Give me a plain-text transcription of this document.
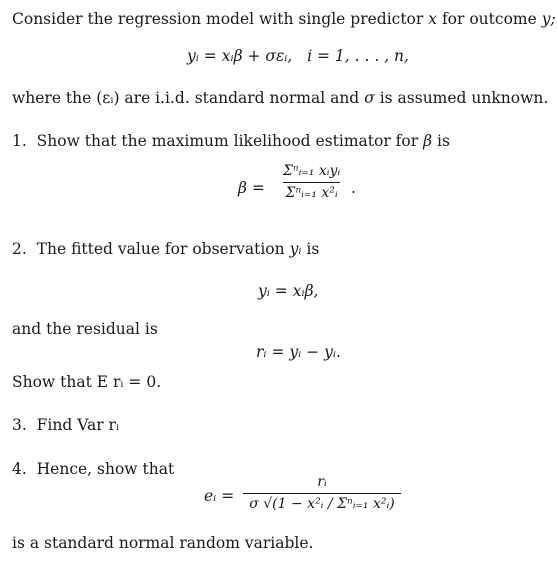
Consider the regression model with single predictor x for outcome y;
yᵢ = xᵢβ + σεᵢ, i = 1, . . . , n,
where the (εᵢ) are i.i.d. standard normal and σ is assumed unknown.
1. Show that the maximum likelihood estimator for β is
β =
Σⁿᵢ₌₁ xᵢyᵢ
Σⁿᵢ₌₁ x²ᵢ .
2. The fitted value for observation yᵢ is
yᵢ = xᵢβ,
and the residual is
rᵢ = yᵢ − yᵢ.
Show that E rᵢ = 0.
3. Find Var rᵢ
4. Hence, show that
eᵢ =
rᵢ
σ √(1 − x²ᵢ / Σⁿᵢ₌₁ x²ᵢ)
is a standard normal random variable.
